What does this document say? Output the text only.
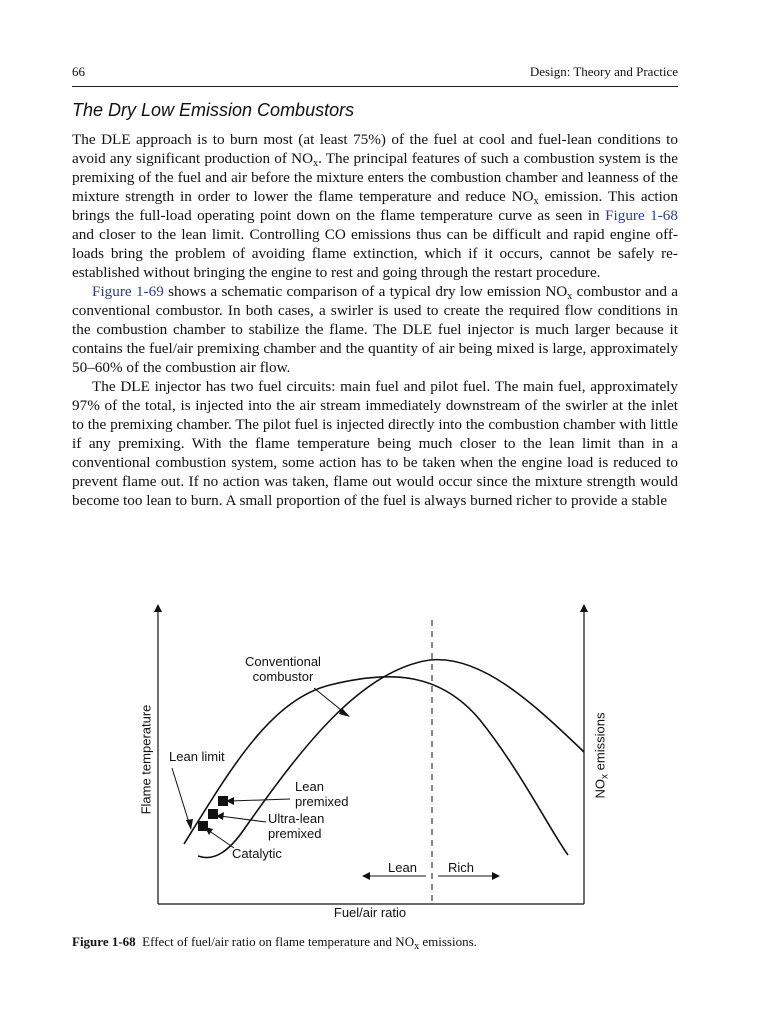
66	Design: Theory and Practice
The Dry Low Emission Combustors

The DLE approach is to burn most (at least 75%) of the fuel at cool and fuel-lean conditions to avoid any significant production of $NO_x$. The principal features of such a combustion system is the premixing of the fuel and air before the mixture enters the combustion chamber and leanness of the mixture strength in order to lower the flame temperature and reduce $NO_x$ emission. This action brings the full-load operating point down on the flame temperature curve as seen in Figure 1-68 and closer to the lean limit. Controlling CO emissions thus can be difficult and rapid engine off-loads bring the problem of avoiding flame extinction, which if it occurs, cannot be safely re-established without bringing the engine to rest and going through the restart procedure.

Figure 1-69 shows a schematic comparison of a typical dry low emission $NO_x$ combustor and a conventional combustor. In both cases, a swirler is used to create the required flow conditions in the combustion chamber to stabilize the flame. The DLE fuel injector is much larger because it contains the fuel/air premixing chamber and the quantity of air being mixed is large, approximately 50–60% of the combustion air flow.

The DLE injector has two fuel circuits: main fuel and pilot fuel. The main fuel, approximately 97% of the total, is injected into the air stream immediately downstream of the swirler at the inlet to the premixing chamber. The pilot fuel is injected directly into the combustion chamber with little if any premixing. With the flame temperature being much closer to the lean limit than in a conventional combustion system, some action has to be taken when the engine load is reduced to prevent flame out. If no action was taken, flame out would occur since the mixture strength would become too lean to burn. A small proportion of the fuel is always burned richer to provide a stable

Conventional
combustor
Lean limit
Lean
premixed
Ultra-lean
premixed
Catalytic
Lean Rich
Fuel/air ratio
Flame temperature	$NO_x$ emissions
Figure 1-68 Effect of fuel/air ratio on flame temperature and $NO_x$ emissions.
